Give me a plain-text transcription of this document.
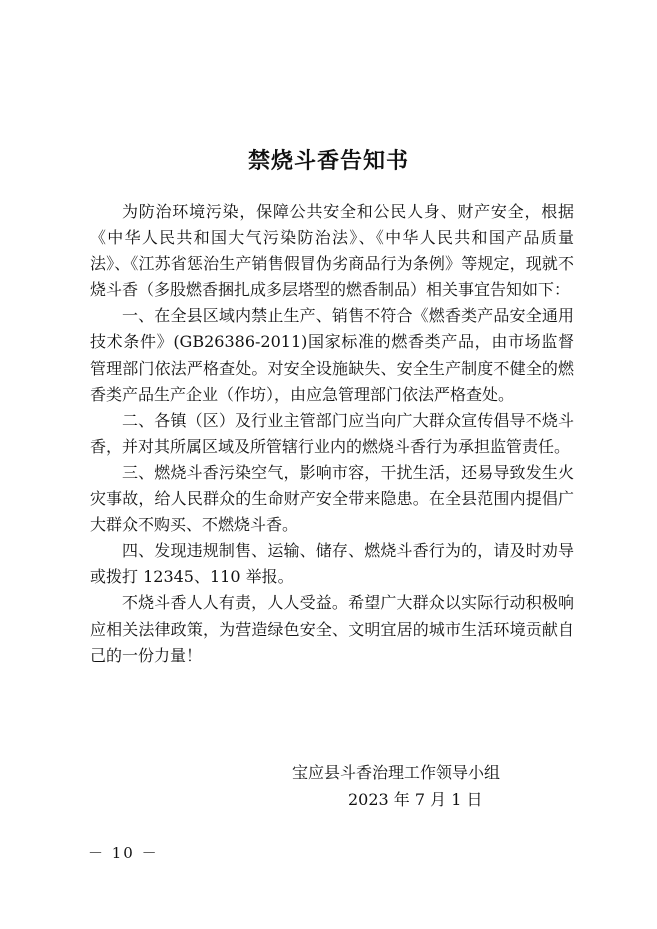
禁烧斗香告知书

为防治环境污染，保障公共安全和公民人身、财产安全，根据《中华人民共和国大气污染防治法》、《中华人民共和国产品质量法》、《江苏省惩治生产销售假冒伪劣商品行为条例》等规定，现就不烧斗香（多股燃香捆扎成多层塔型的燃香制品）相关事宜告知如下：

一、在全县区域内禁止生产、销售不符合《燃香类产品安全通用技术条件》(GB26386-2011)国家标准的燃香类产品，由市场监督管理部门依法严格查处。对安全设施缺失、安全生产制度不健全的燃香类产品生产企业（作坊），由应急管理部门依法严格查处。

二、各镇（区）及行业主管部门应当向广大群众宣传倡导不烧斗香，并对其所属区域及所管辖行业内的燃烧斗香行为承担监管责任。

三、燃烧斗香污染空气，影响市容，干扰生活，还易导致发生火灾事故，给人民群众的生命财产安全带来隐患。在全县范围内提倡广大群众不购买、不燃烧斗香。

四、发现违规制售、运输、储存、燃烧斗香行为的，请及时劝导或拨打 12345、110 举报。

不烧斗香人人有责，人人受益。希望广大群众以实际行动积极响应相关法律政策，为营造绿色安全、文明宜居的城市生活环境贡献自己的一份力量！

宝应县斗香治理工作领导小组
2023 年 7 月 1 日
－ 10 －
